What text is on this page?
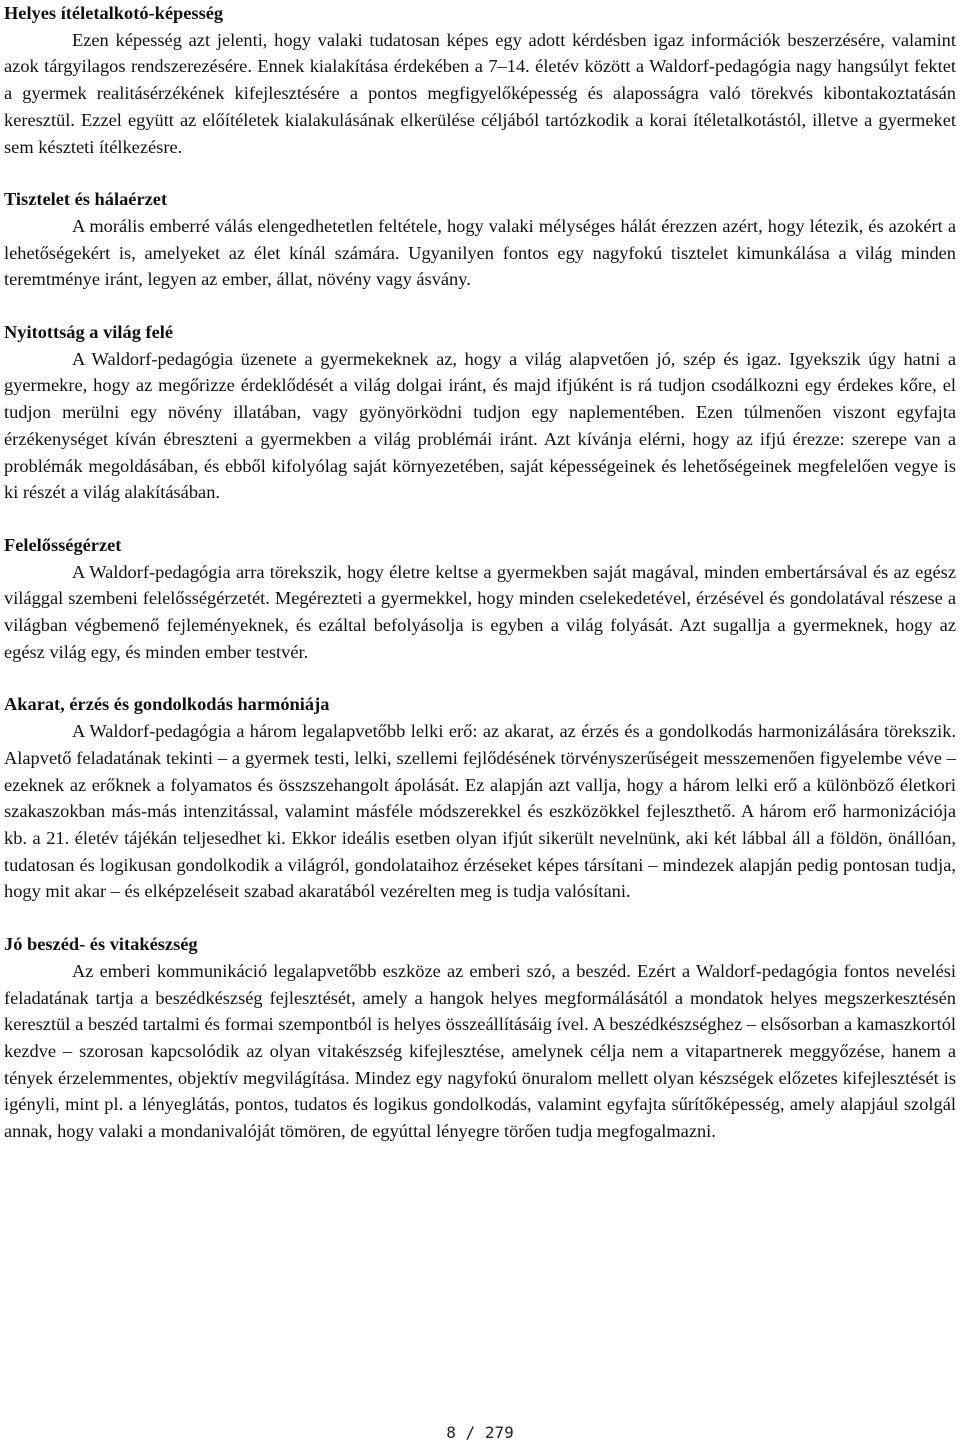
Helyes ítéletalkotó-képesség

Ezen képesség azt jelenti, hogy valaki tudatosan képes egy adott kérdésben igaz információk beszerzésére, valamint azok tárgyilagos rendszerezésére. Ennek kialakítása érdekében a 7–14. életév között a Waldorf-pedagógia nagy hangsúlyt fektet a gyermek realitásérzékének kifejlesztésére a pontos megfigyelőképesség és alaposságra való törekvés kibontakoztatásán keresztül. Ezzel együtt az előítéletek kialakulásának elkerülése céljából tartózkodik a korai ítéletalkotástól, illetve a gyermeket sem készteti ítélkezésre.

Tisztelet és hálaérzet

A morális emberré válás elengedhetetlen feltétele, hogy valaki mélységes hálát érezzen azért, hogy létezik, és azokért a lehetőségekért is, amelyeket az élet kínál számára. Ugyanilyen fontos egy nagyfokú tisztelet kimunkálása a világ minden teremtménye iránt, legyen az ember, állat, növény vagy ásvány.

Nyitottság a világ felé

A Waldorf-pedagógia üzenete a gyermekeknek az, hogy a világ alapvetően jó, szép és igaz. Igyekszik úgy hatni a gyermekre, hogy az megőrizze érdeklődését a világ dolgai iránt, és majd ifjúként is rá tudjon csodálkozni egy érdekes kőre, el tudjon merülni egy növény illatában, vagy gyönyörködni tudjon egy naplementében. Ezen túlmenően viszont egyfajta érzékenységet kíván ébreszteni a gyermekben a világ problémái iránt. Azt kívánja elérni, hogy az ifjú érezze: szerepe van a problémák megoldásában, és ebből kifolyólag saját környezetében, saját képességeinek és lehetőségeinek megfelelően vegye is ki részét a világ alakításában.

Felelősségérzet

A Waldorf-pedagógia arra törekszik, hogy életre keltse a gyermekben saját magával, minden embertársával és az egész világgal szembeni felelősségérzetét. Megérezteti a gyermekkel, hogy minden cselekedetével, érzésével és gondolatával részese a világban végbemenő fejleményeknek, és ezáltal befolyásolja is egyben a világ folyását. Azt sugallja a gyermeknek, hogy az egész világ egy, és minden ember testvér.

Akarat, érzés és gondolkodás harmóniája

A Waldorf-pedagógia a három legalapvetőbb lelki erő: az akarat, az érzés és a gondolkodás harmonizálására törekszik. Alapvető feladatának tekinti – a gyermek testi, lelki, szellemi fejlődésének törvényszerűségeit messzemenően figyelembe véve – ezeknek az erőknek a folyamatos és összszehangolt ápolását. Ez alapján azt vallja, hogy a három lelki erő a különböző életkori szakaszokban más-más intenzitással, valamint másféle módszerekkel és eszközökkel fejleszthető. A három erő harmonizációja kb. a 21. életév tájékán teljesedhet ki. Ekkor ideális esetben olyan ifjút sikerült nevelnünk, aki két lábbal áll a földön, önállóan, tudatosan és logikusan gondolkodik a világról, gondolataihoz érzéseket képes társítani – mindezek alapján pedig pontosan tudja, hogy mit akar – és elképzeléseit szabad akaratából vezérelten meg is tudja valósítani.

Jó beszéd- és vitakészség

Az emberi kommunikáció legalapvetőbb eszköze az emberi szó, a beszéd. Ezért a Waldorf-pedagógia fontos nevelési feladatának tartja a beszédkészség fejlesztését, amely a hangok helyes megformálásától a mondatok helyes megszerkesztésén keresztül a beszéd tartalmi és formai szempontból is helyes összeállításáig ível. A beszédkészséghez – elsősorban a kamaszkortól kezdve – szorosan kapcsolódik az olyan vitakészség kifejlesztése, amelynek célja nem a vitapartnerek meggyőzése, hanem a tények érzelemmentes, objektív megvilágítása. Mindez egy nagyfokú önuralom mellett olyan készségek előzetes kifejlesztését is igényli, mint pl. a lényeglátás, pontos, tudatos és logikus gondolkodás, valamint egyfajta sűrítőképesség, amely alapjául szolgál annak, hogy valaki a mondanivalóját tömören, de egyúttal lényegre törően tudja megfogalmazni.

8 / 279
